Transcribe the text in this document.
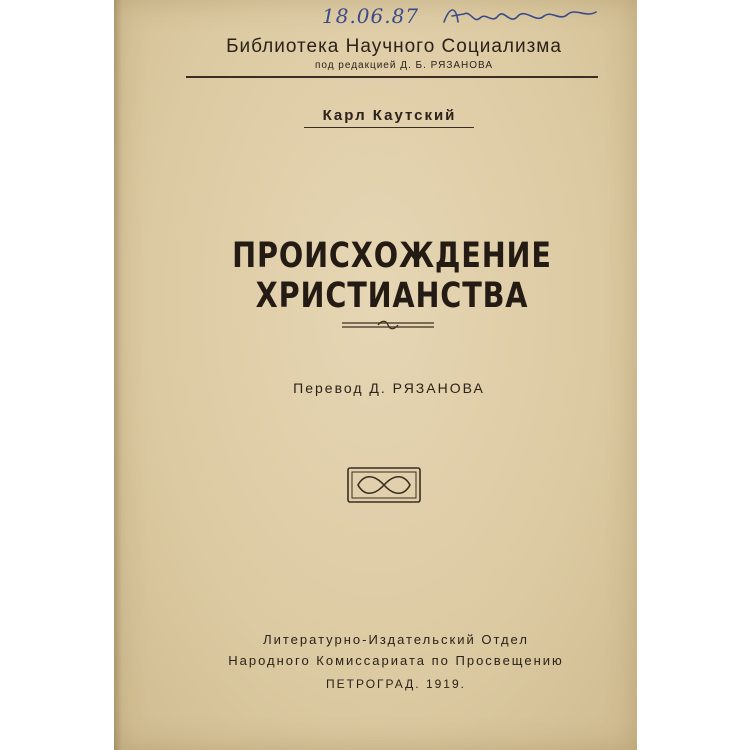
18.06.87
Библиотека Научного Социализма
под редакцией Д. Б. РЯЗАНОВА
Карл Каутский
ПРОИСХОЖДЕНИЕ ХРИСТИАНСТВА
Перевод Д. РЯЗАНОВА
Литературно-Издательский Отдел
Народного Комиссариата по Просвещению
ПЕТРОГРАД. 1919.
